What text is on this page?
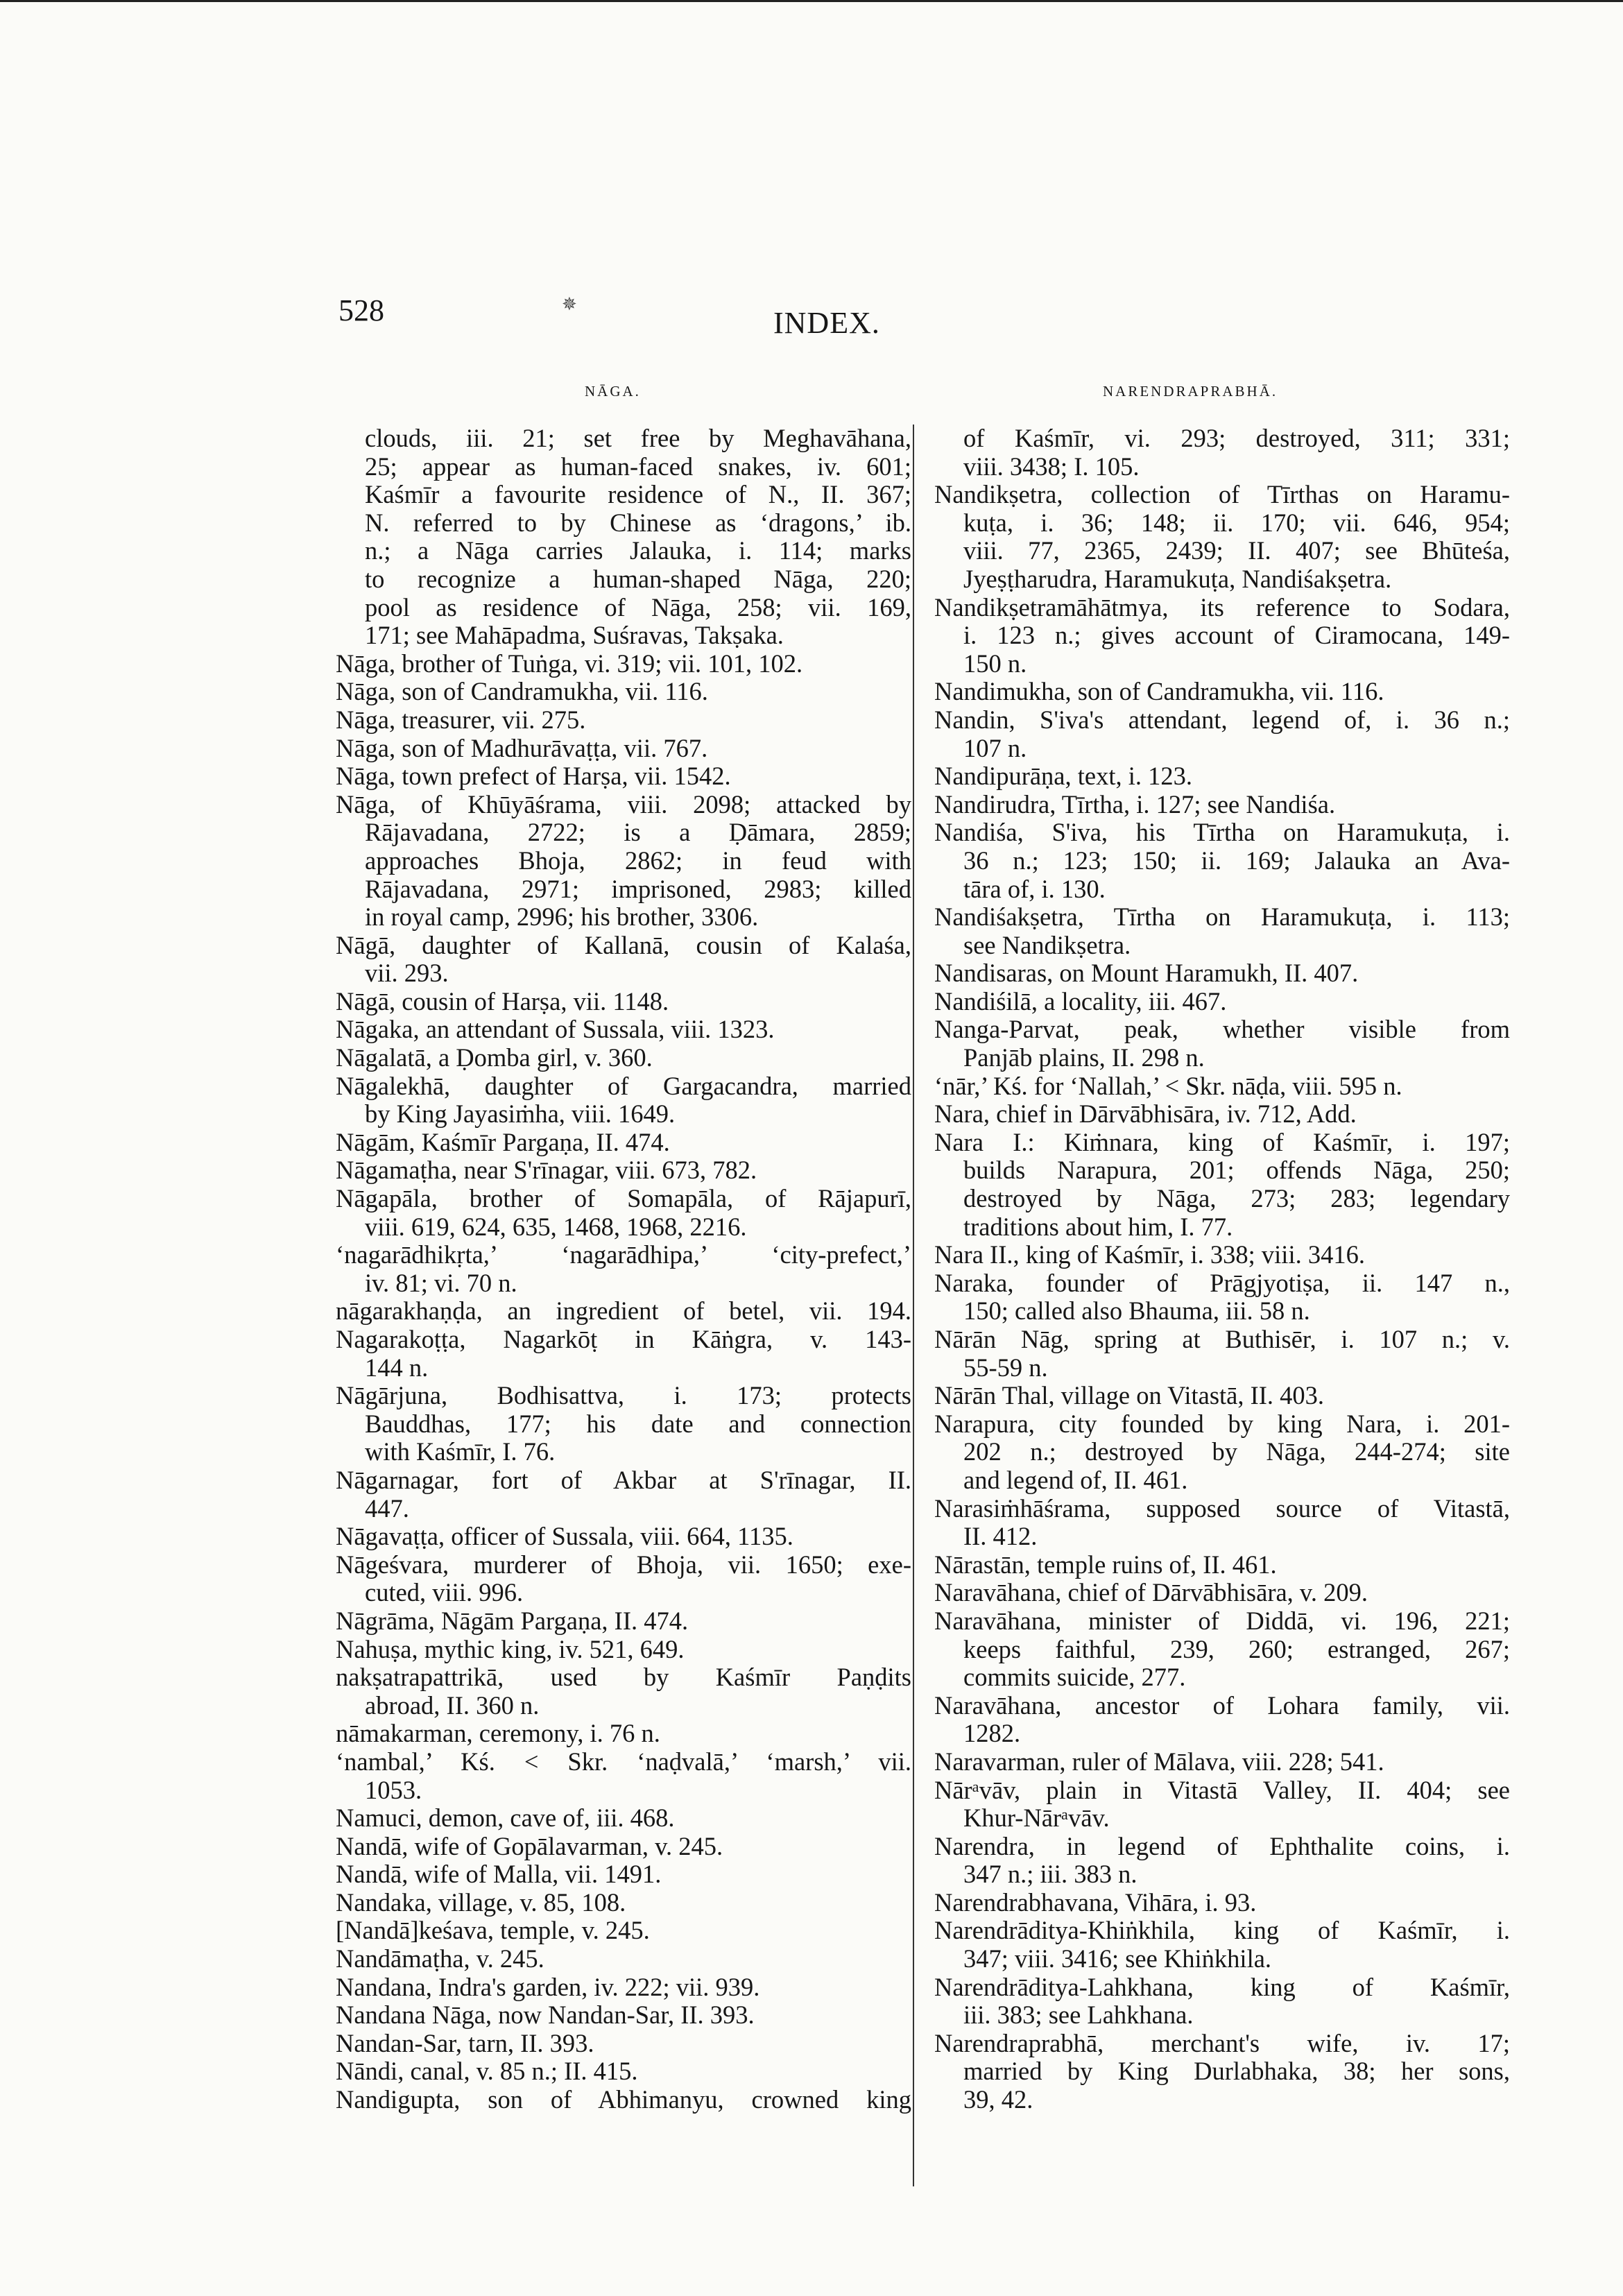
528	✵
INDEX.
NĀGA.	NARENDRAPRABHĀ.
clouds, iii. 21; set free by Meghavāhana,
25; appear as human-faced snakes, iv. 601;
Kaśmīr a favourite residence of N., II. 367;
N. referred to by Chinese as ‘dragons,’ ib.
n.; a Nāga carries Jalauka, i. 114; marks
to recognize a human-shaped Nāga, 220;
pool as residence of Nāga, 258; vii. 169,
171; see Mahāpadma, Suśravas, Takṣaka.
Nāga, brother of Tuṅga, vi. 319; vii. 101, 102.
Nāga, son of Candramukha, vii. 116.
Nāga, treasurer, vii. 275.
Nāga, son of Madhurāvaṭṭa, vii. 767.
Nāga, town prefect of Harṣa, vii. 1542.
Nāga, of Khūyāśrama, viii. 2098; attacked by
Rājavadana, 2722; is a Ḍāmara, 2859;
approaches Bhoja, 2862; in feud with
Rājavadana, 2971; imprisoned, 2983; killed
in royal camp, 2996; his brother, 3306.
Nāgā, daughter of Kallanā, cousin of Kalaśa,
vii. 293.
Nāgā, cousin of Harṣa, vii. 1148.
Nāgaka, an attendant of Sussala, viii. 1323.
Nāgalatā, a Ḍomba girl, v. 360.
Nāgalekhā, daughter of Gargacandra, married
by King Jayasiṁha, viii. 1649.
Nāgām, Kaśmīr Pargaṇa, II. 474.
Nāgamaṭha, near S'rīnagar, viii. 673, 782.
Nāgapāla, brother of Somapāla, of Rājapurī,
viii. 619, 624, 635, 1468, 1968, 2216.
‘nagarādhikṛta,’ ‘nagarādhipa,’ ‘city-prefect,’
iv. 81; vi. 70 n.
nāgarakhaṇḍa, an ingredient of betel, vii. 194.
Nagarakoṭṭa, Nagarkōṭ in Kāṅgra, v. 143-
144 n.
Nāgārjuna, Bodhisattva, i. 173; protects
Bauddhas, 177; his date and connection
with Kaśmīr, I. 76.
Nāgarnagar, fort of Akbar at S'rīnagar, II.
447.
Nāgavaṭṭa, officer of Sussala, viii. 664, 1135.
Nāgeśvara, murderer of Bhoja, vii. 1650; exe-
cuted, viii. 996.
Nāgrāma, Nāgām Pargaṇa, II. 474.
Nahuṣa, mythic king, iv. 521, 649.
nakṣatrapattrikā, used by Kaśmīr Paṇḍits
abroad, II. 360 n.
nāmakarman, ceremony, i. 76 n.
‘nambal,’ Kś. < Skr. ‘naḍvalā,’ ‘marsh,’ vii.
1053.
Namuci, demon, cave of, iii. 468.
Nandā, wife of Gopālavarman, v. 245.
Nandā, wife of Malla, vii. 1491.
Nandaka, village, v. 85, 108.
[Nandā]keśava, temple, v. 245.
Nandāmaṭha, v. 245.
Nandana, Indra's garden, iv. 222; vii. 939.
Nandana Nāga, now Nandan-Sar, II. 393.
Nandan-Sar, tarn, II. 393.
Nāndi, canal, v. 85 n.; II. 415.
Nandigupta, son of Abhimanyu, crowned king
of Kaśmīr, vi. 293; destroyed, 311; 331;
viii. 3438; I. 105.
Nandikṣetra, collection of Tīrthas on Haramu-
kuṭa, i. 36; 148; ii. 170; vii. 646, 954;
viii. 77, 2365, 2439; II. 407; see Bhūteśa,
Jyeṣṭharudra, Haramukuṭa, Nandiśakṣetra.
Nandikṣetramāhātmya, its reference to Sodara,
i. 123 n.; gives account of Ciramocana, 149-
150 n.
Nandimukha, son of Candramukha, vii. 116.
Nandin, S'iva's attendant, legend of, i. 36 n.;
107 n.
Nandipurāṇa, text, i. 123.
Nandirudra, Tīrtha, i. 127; see Nandiśa.
Nandiśa, S'iva, his Tīrtha on Haramukuṭa, i.
36 n.; 123; 150; ii. 169; Jalauka an Ava-
tāra of, i. 130.
Nandiśakṣetra, Tīrtha on Haramukuṭa, i. 113;
see Nandikṣetra.
Nandisaras, on Mount Haramukh, II. 407.
Nandiśilā, a locality, iii. 467.
Nanga-Parvat, peak, whether visible from
Panjāb plains, II. 298 n.
‘nār,’ Kś. for ‘Nallah,’ < Skr. nāḍa, viii. 595 n.
Nara, chief in Dārvābhisāra, iv. 712, Add.
Nara I.: Kiṁnara, king of Kaśmīr, i. 197;
builds Narapura, 201; offends Nāga, 250;
destroyed by Nāga, 273; 283; legendary
traditions about him, I. 77.
Nara II., king of Kaśmīr, i. 338; viii. 3416.
Naraka, founder of Prāgjyotiṣa, ii. 147 n.,
150; called also Bhauma, iii. 58 n.
Nārān Nāg, spring at Buthisēr, i. 107 n.; v.
55-59 n.
Nārān Thal, village on Vitastā, II. 403.
Narapura, city founded by king Nara, i. 201-
202 n.; destroyed by Nāga, 244-274; site
and legend of, II. 461.
Narasiṁhāśrama, supposed source of Vitastā,
II. 412.
Nārastān, temple ruins of, II. 461.
Naravāhana, chief of Dārvābhisāra, v. 209.
Naravāhana, minister of Diddā, vi. 196, 221;
keeps faithful, 239, 260; estranged, 267;
commits suicide, 277.
Naravāhana, ancestor of Lohara family, vii.
1282.
Naravarman, ruler of Mālava, viii. 228; 541.
Nārᵃvāv, plain in Vitastā Valley, II. 404; see
Khur-Nārᵃvāv.
Narendra, in legend of Ephthalite coins, i.
347 n.; iii. 383 n.
Narendrabhavana, Vihāra, i. 93.
Narendrāditya-Khiṅkhila, king of Kaśmīr, i.
347; viii. 3416; see Khiṅkhila.
Narendrāditya-Lahkhana, king of Kaśmīr,
iii. 383; see Lahkhana.
Narendraprabhā, merchant's wife, iv. 17;
married by King Durlabhaka, 38; her sons,
39, 42.
